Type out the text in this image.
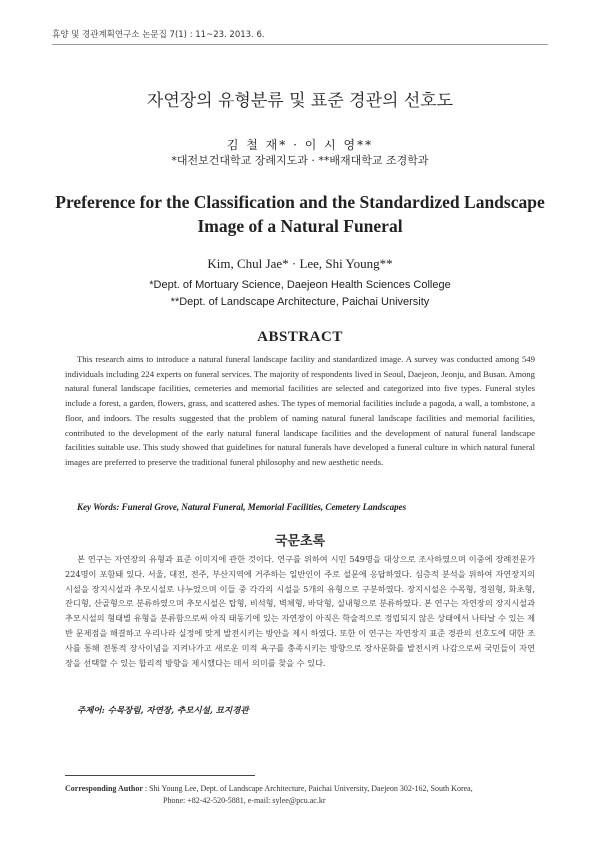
휴양 및 경관계획연구소 논문집 7(1) : 11~23. 2013. 6.
자연장의 유형분류 및 표준 경관의 선호도
김 철 재* · 이 시 영**
*대전보건대학교 장례지도과 · **배재대학교 조경학과
Preference for the Classification and the Standardized Landscape Image of a Natural Funeral
Kim, Chul Jae* · Lee, Shi Young**
*Dept. of Mortuary Science, Daejeon Health Sciences College
**Dept. of Landscape Architecture, Paichai University
ABSTRACT
This research aims to introduce a natural funeral landscape facility and standardized image. A survey was conducted among 549 individuals including 224 experts on funeral services. The majority of respondents lived in Seoul, Daejeon, Jeonju, and Busan. Among natural funeral landscape facilities, cemeteries and memorial facilities are selected and categorized into five types. Funeral styles include a forest, a garden, flowers, grass, and scattered ashes. The types of memorial facilities include a pagoda, a wall, a tombstone, a floor, and indoors. The results suggested that the problem of naming natural funeral landscape facilities and memorial facilities, contributed to the development of the early natural funeral landscape facilities and the development of natural funeral landscape facilities suitable use. This study showed that guidelines for natural funerals have developed a funeral culture in which natural funeral images are preferred to preserve the traditional funeral philosophy and new aesthetic needs.
Key Words: Funeral Grove, Natural Funeral, Memorial Facilities, Cemetery Landscapes
국문초록
본 연구는 자연장의 유형과 표준 이미지에 관한 것이다. 연구를 위하여 시민 549명을 대상으로 조사하였으며 이중에 장례전문가 224명이 포함돼 있다. 서울, 대전, 전주, 부산지역에 거주하는 일반인이 주로 설문에 응답하였다. 심층적 분석을 위하여 자연장지의 시설을 장지시설과 추모시설로 나누었으며 이들 중 각각의 시설을 5개의 유형으로 구분하였다. 장지시설은 수목형, 정원형, 화초형, 잔디형, 산골형으로 분류하였으며 추모시설은 탑형, 비석형, 벽체형, 바닥형, 실내형으로 분류하였다. 본 연구는 자연장의 장지시설과 추모시설의 형태별 유형을 분류함으로써 아직 태동기에 있는 자연장이 아직은 학술적으로 정립되지 않은 상태에서 나타날 수 있는 제반 문제점을 해결하고 우리나라 실정에 맞게 발전시키는 방안을 제시 하였다. 또한 이 연구는 자연장지 표준 경관의 선호도에 대한 조사를 통해 전통적 장사이념을 지켜나가고 새로운 미적 욕구를 충족시키는 방향으로 장사문화를 발전시켜 나감으로써 국민들이 자연장을 선택할 수 있는 합리적 방향을 제시했다는 데서 의미를 찾을 수 있다.
주제어: 수목장림, 자연장, 추모시설, 묘지경관
Corresponding Author : Shi Young Lee, Dept. of Landscape Architecture, Paichai University, Daejeon 302-162, South Korea,
Phone: +82-42-520-5881, e-mail: sylee@pcu.ac.kr
